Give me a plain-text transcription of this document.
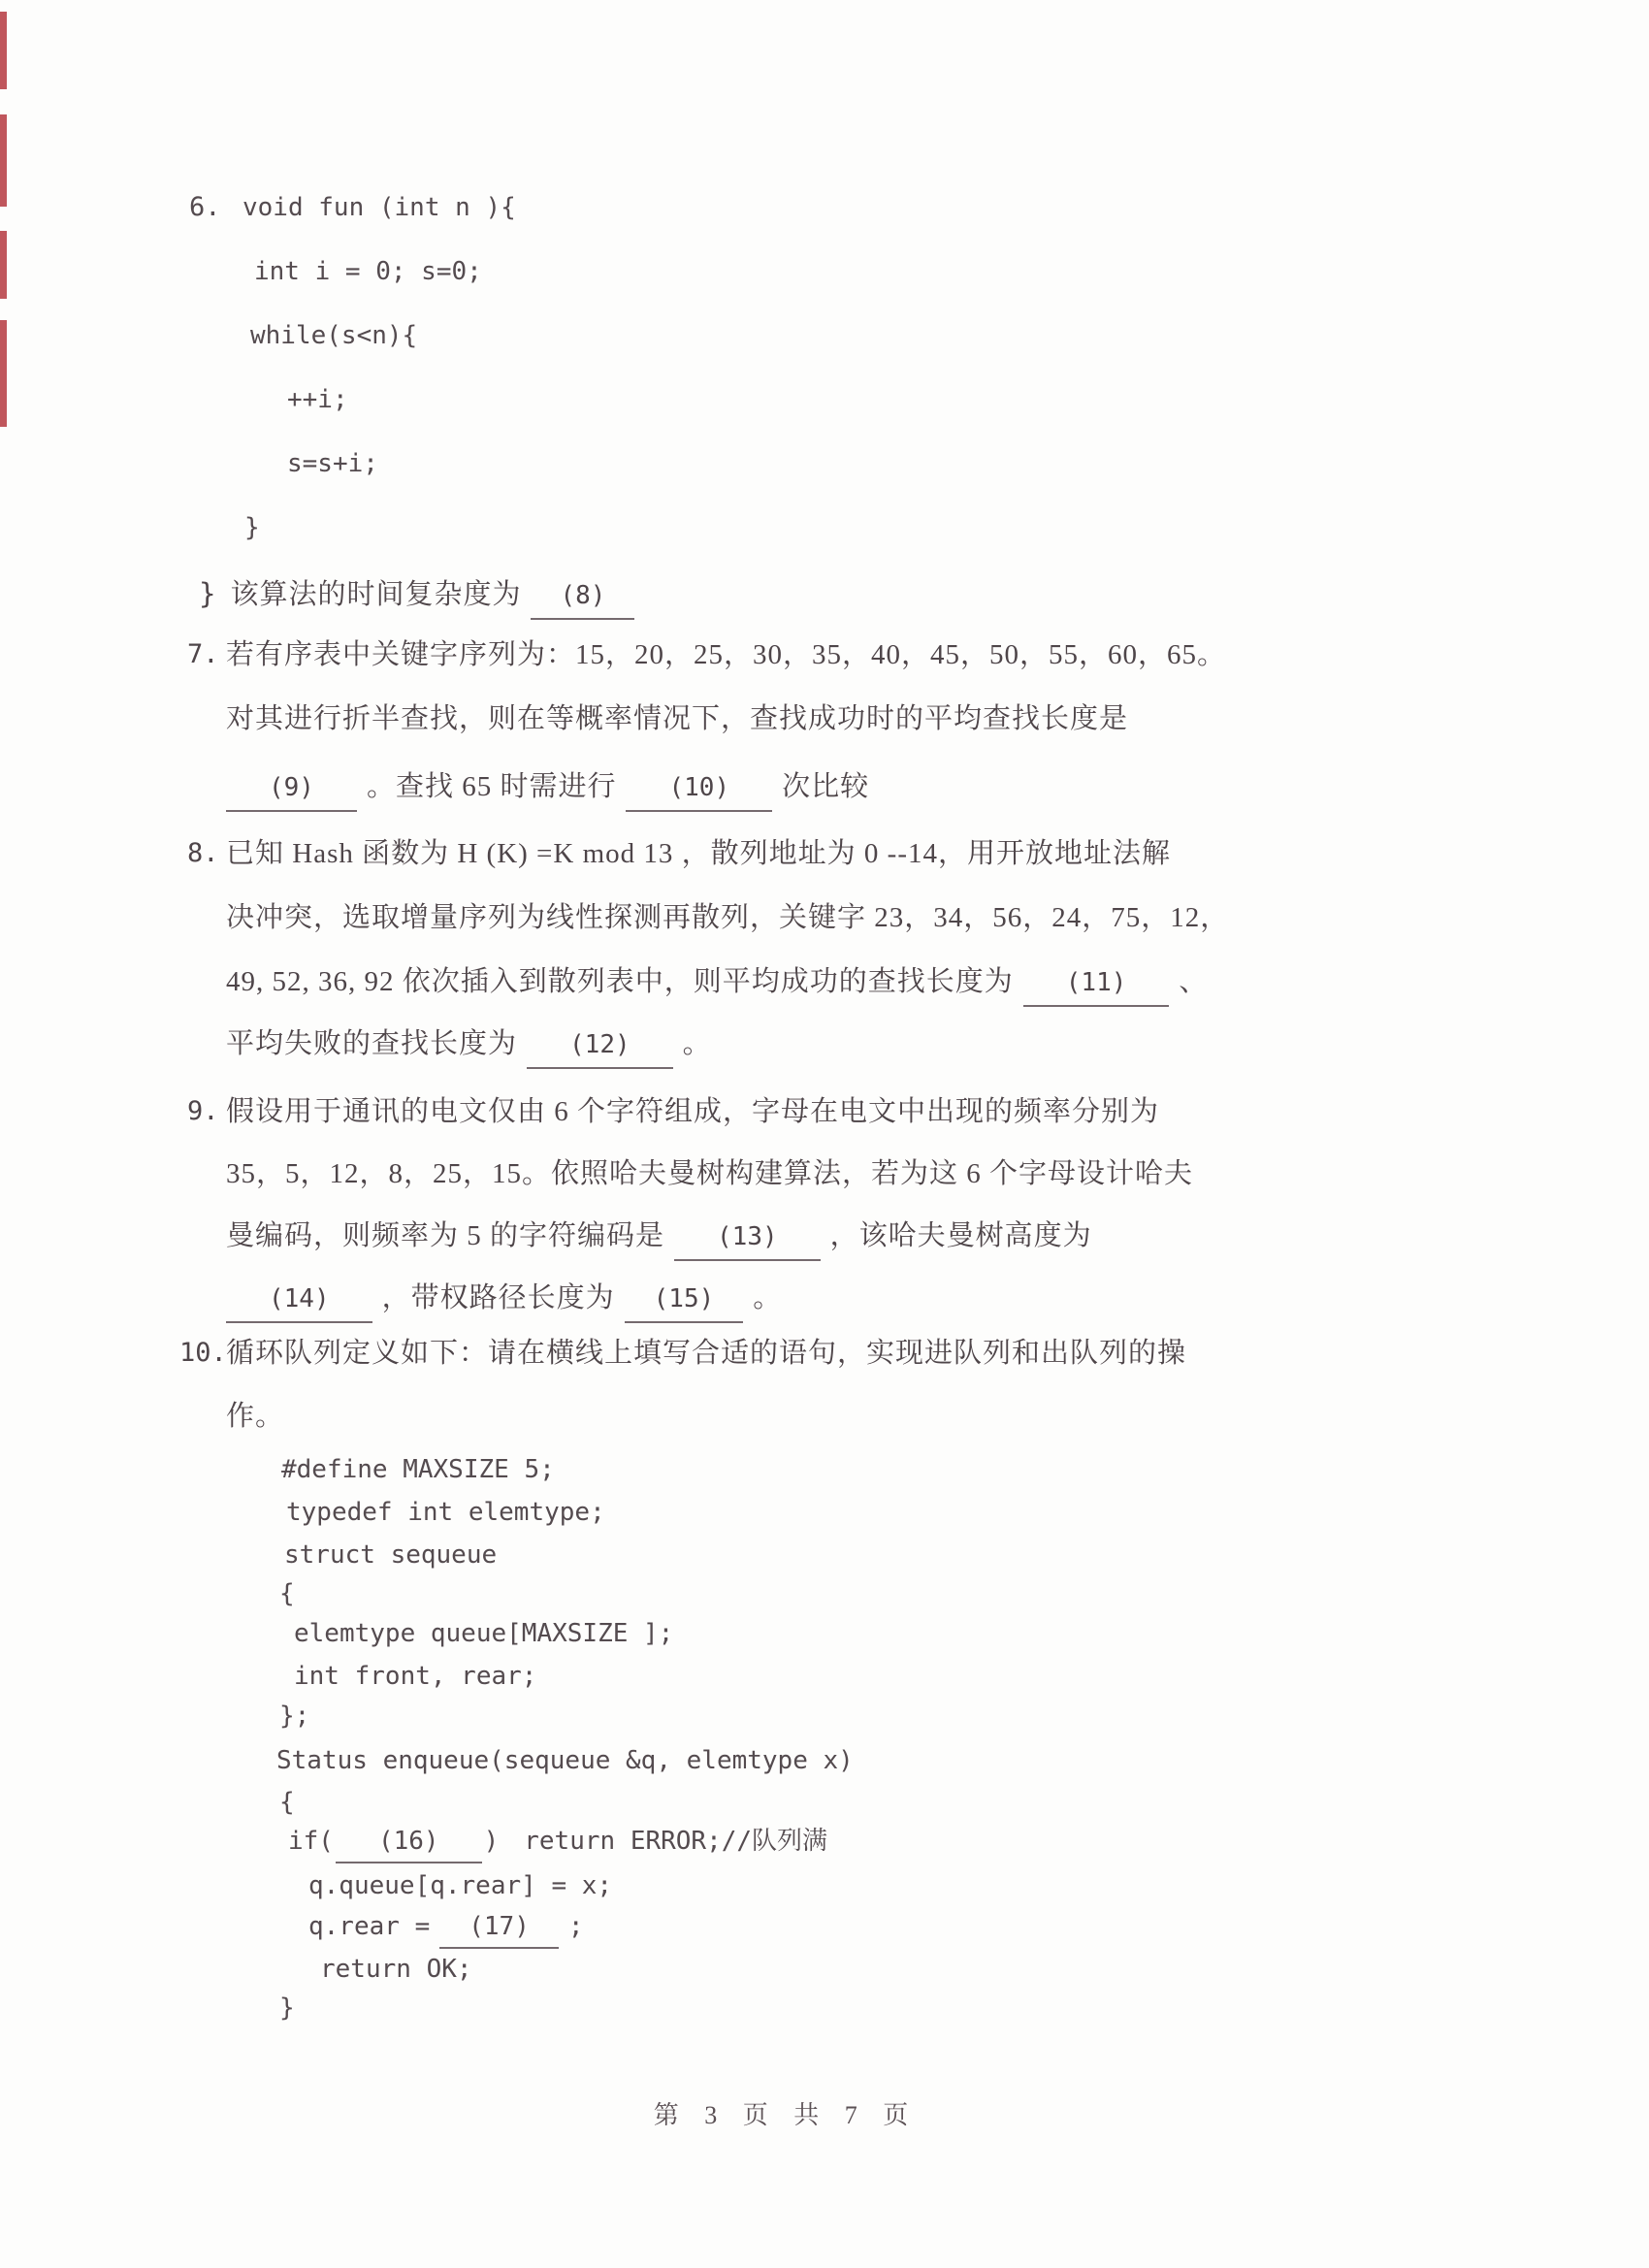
6. void fun (int n ){
int i = 0; s=0;
while(s<n){
++i;
s=s+i;
}
} 该算法的时间复杂度为 (8)
7. 若有序表中关键字序列为：15，20，25，30，35，40，45，50，55，60，65。
对其进行折半查找，则在等概率情况下，查找成功时的平均查找长度是
(9) 。查找 65 时需进行 (10) 次比较
8. 已知 Hash 函数为 H (K) =K mod 13 ，散列地址为 0 --14，用开放地址法解
决冲突，选取增量序列为线性探测再散列，关键字 23，34，56，24，75，12，
49, 52, 36, 92 依次插入到散列表中，则平均成功的查找长度为 (11) 、
平均失败的查找长度为 (12) 。
9. 假设用于通讯的电文仅由 6 个字符组成，字母在电文中出现的频率分别为
35，5，12，8，25，15。依照哈夫曼树构建算法，若为这 6 个字母设计哈夫
曼编码，则频率为 5 的字符编码是 (13) ，该哈夫曼树高度为
(14) ，带权路径长度为 (15) 。
10. 循环队列定义如下：请在横线上填写合适的语句，实现进队列和出队列的操
作。
#define MAXSIZE 5;
typedef int elemtype;
struct sequeue
{
elemtype queue[MAXSIZE ];
int front, rear;
};
Status enqueue(sequeue &q, elemtype x)
{
if( (16) ) return ERROR;//队列满
q.queue[q.rear] = x;
q.rear = (17) ;
return OK;
}
第 3 页 共 7 页
